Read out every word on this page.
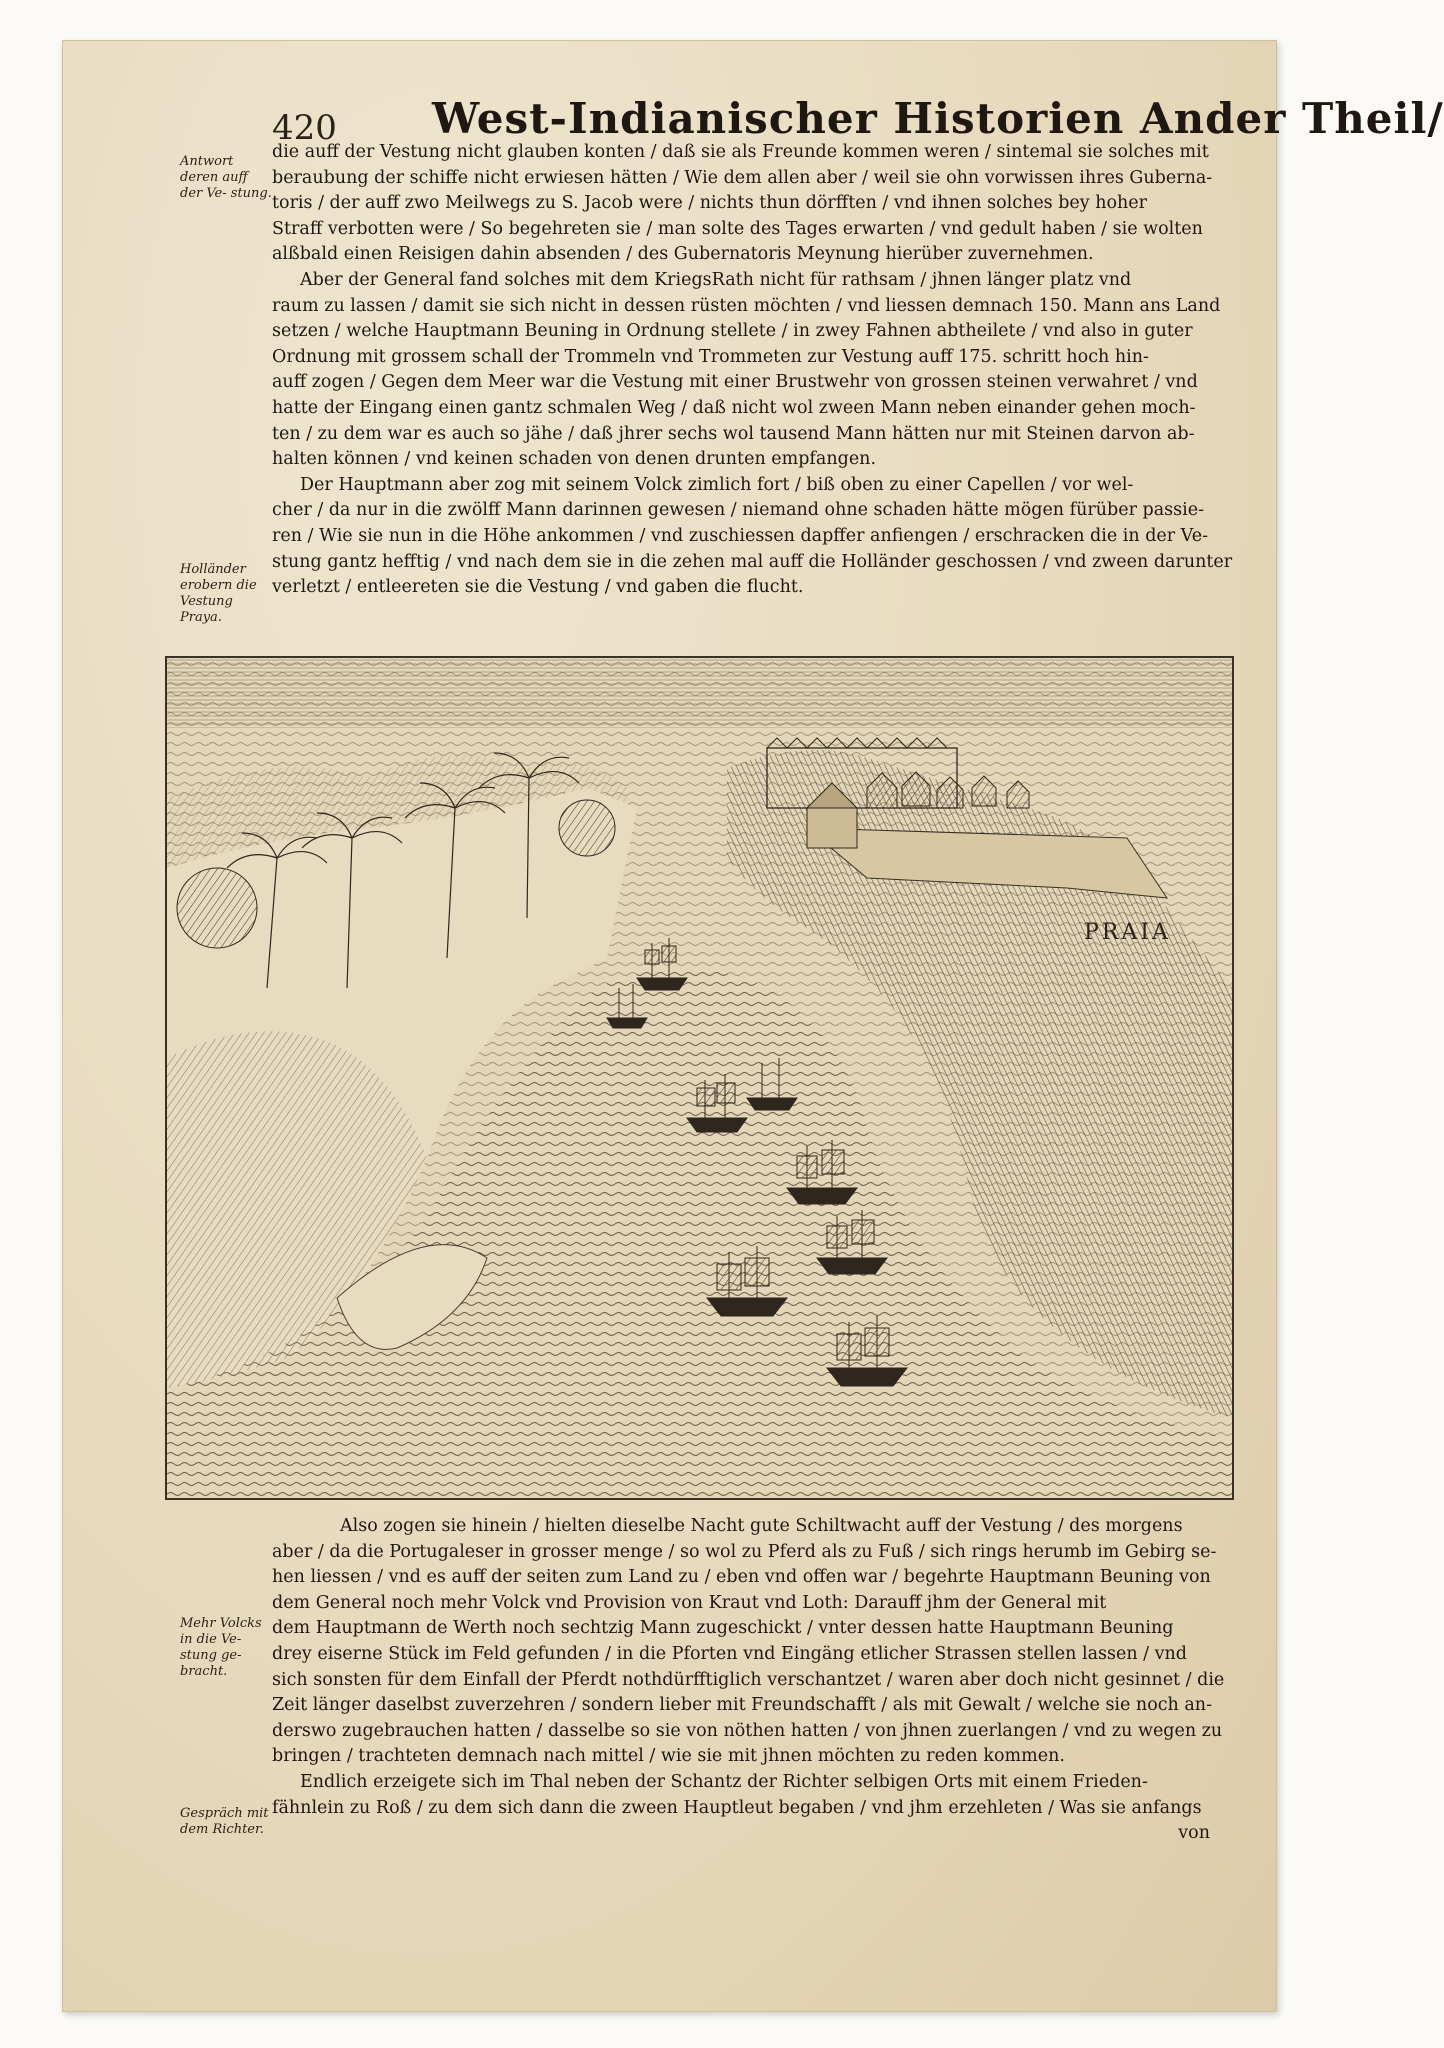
420 West-Indianischer Historien Ander Theil/
Antwort deren auff der Ve- stung.
Holländer erobern die Vestung Praya.
Mehr Volcks in die Ve- stung ge- bracht.
Gespräch mit dem Richter.
die auff der Vestung nicht glauben konten / daß sie als Freunde kommen weren / sintemal sie solches mit
beraubung der schiffe nicht erwiesen hätten / Wie dem allen aber / weil sie ohn vorwissen ihres Guberna-
toris / der auff zwo Meilwegs zu S. Jacob were / nichts thun dörfften / vnd ihnen solches bey hoher
Straff verbotten were / So begehreten sie / man solte des Tages erwarten / vnd gedult haben / sie wolten
alßbald einen Reisigen dahin absenden / des Gubernatoris Meynung hierüber zuvernehmen.
Aber der General fand solches mit dem KriegsRath nicht für rathsam / jhnen länger platz vnd
raum zu lassen / damit sie sich nicht in dessen rüsten möchten / vnd liessen demnach 150. Mann ans Land
setzen / welche Hauptmann Beuning in Ordnung stellete / in zwey Fahnen abtheilete / vnd also in guter
Ordnung mit grossem schall der Trommeln vnd Trommeten zur Vestung auff 175. schritt hoch hin-
auff zogen / Gegen dem Meer war die Vestung mit einer Brustwehr von grossen steinen verwahret / vnd
hatte der Eingang einen gantz schmalen Weg / daß nicht wol zween Mann neben einander gehen moch-
ten / zu dem war es auch so jähe / daß jhrer sechs wol tausend Mann hätten nur mit Steinen darvon ab-
halten können / vnd keinen schaden von denen drunten empfangen.
Der Hauptmann aber zog mit seinem Volck zimlich fort / biß oben zu einer Capellen / vor wel-
cher / da nur in die zwölff Mann darinnen gewesen / niemand ohne schaden hätte mögen fürüber passie-
ren / Wie sie nun in die Höhe ankommen / vnd zuschiessen dapffer anfiengen / erschracken die in der Ve-
stung gantz hefftig / vnd nach dem sie in die zehen mal auff die Holländer geschossen / vnd zween darunter
verletzt / entleereten sie die Vestung / vnd gaben die flucht.
PRAIA
Also zogen sie hinein / hielten dieselbe Nacht gute Schiltwacht auff der Vestung / des morgens
aber / da die Portugaleser in grosser menge / so wol zu Pferd als zu Fuß / sich rings herumb im Gebirg se-
hen liessen / vnd es auff der seiten zum Land zu / eben vnd offen war / begehrte Hauptmann Beuning von
dem General noch mehr Volck vnd Provision von Kraut vnd Loth: Darauff jhm der General mit
dem Hauptmann de Werth noch sechtzig Mann zugeschickt / vnter dessen hatte Hauptmann Beuning
drey eiserne Stück im Feld gefunden / in die Pforten vnd Eingäng etlicher Strassen stellen lassen / vnd
sich sonsten für dem Einfall der Pferdt nothdürfftiglich verschantzet / waren aber doch nicht gesinnet / die
Zeit länger daselbst zuverzehren / sondern lieber mit Freundschafft / als mit Gewalt / welche sie noch an-
derswo zugebrauchen hatten / dasselbe so sie von nöthen hatten / von jhnen zuerlangen / vnd zu wegen zu
bringen / trachteten demnach nach mittel / wie sie mit jhnen möchten zu reden kommen.
Endlich erzeigete sich im Thal neben der Schantz der Richter selbigen Orts mit einem Frieden-
fähnlein zu Roß / zu dem sich dann die zween Hauptleut begaben / vnd jhm erzehleten / Was sie anfangs
von
